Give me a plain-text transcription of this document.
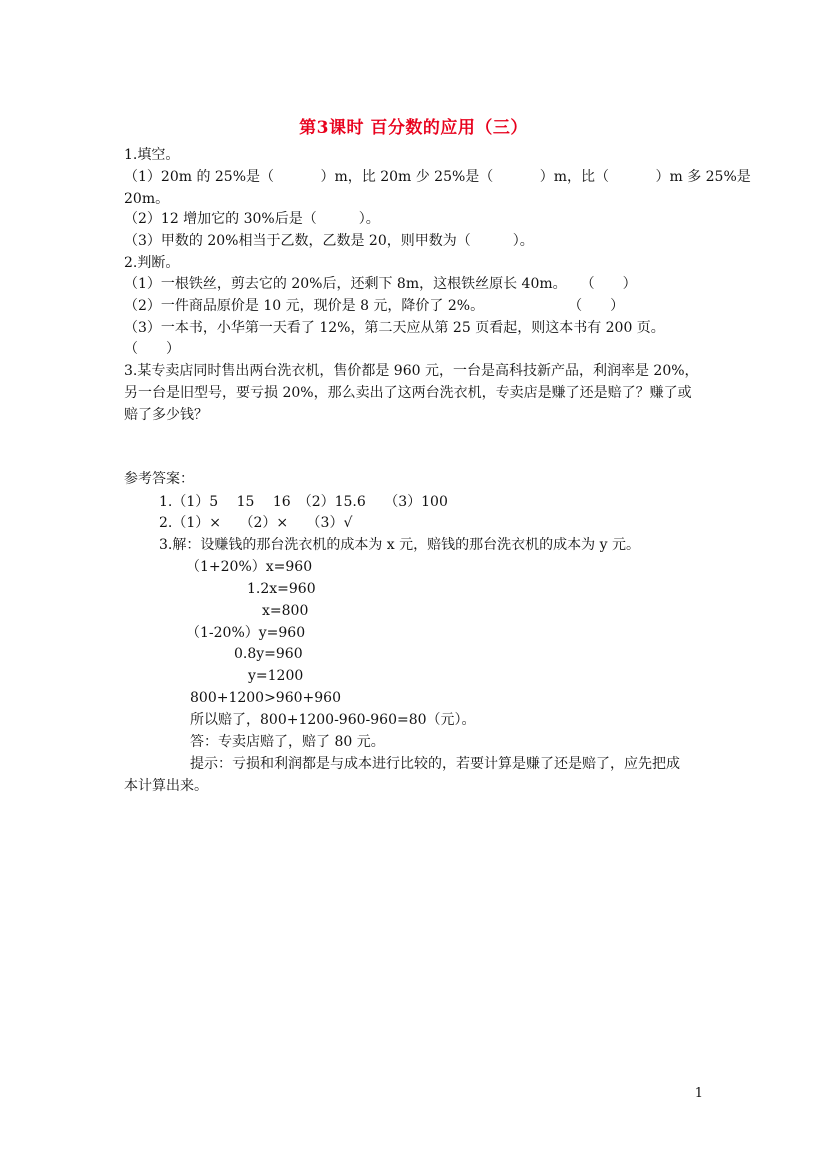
第3课时 百分数的应用（三）
1.填空。
（1）20m 的 25%是（　　　 ）m，比 20m 少 25%是（　　　 ）m，比（　　　 ）m 多 25%是
20m。
（2）12 增加它的 30%后是（　　　）。
（3）甲数的 20%相当于乙数，乙数是 20，则甲数为（　　　）。
2.判断。
（1）一根铁丝，剪去它的 20%后，还剩下 8m，这根铁丝原长 40m。　　（　　）
（2）一件商品原价是 10 元，现价是 8 元，降价了 2%。　　　　　　　（　　）
（3）一本书，小华第一天看了 12%，第二天应从第 25 页看起，则这本书有 200 页。
（　　）
3.某专卖店同时售出两台洗衣机，售价都是 960 元，一台是高科技新产品，利润率是 20%，
另一台是旧型号，要亏损 20%，那么卖出了这两台洗衣机，专卖店是赚了还是赔了？赚了或
赔了多少钱？
参考答案：
1.（1）5　 15　 16　（2）15.6　 （3）100
2.（1）×　 （2）×　 （3）√
3.解：设赚钱的那台洗衣机的成本为 x 元，赔钱的那台洗衣机的成本为 y 元。
（1+20%）x=960
1.2x=960
x=800
（1-20%）y=960
0.8y=960
y=1200
800+1200>960+960
所以赔了，800+1200-960-960=80（元）。
答：专卖店赔了，赔了 80 元。
提示：亏损和利润都是与成本进行比较的，若要计算是赚了还是赔了，应先把成
本计算出来。
1
